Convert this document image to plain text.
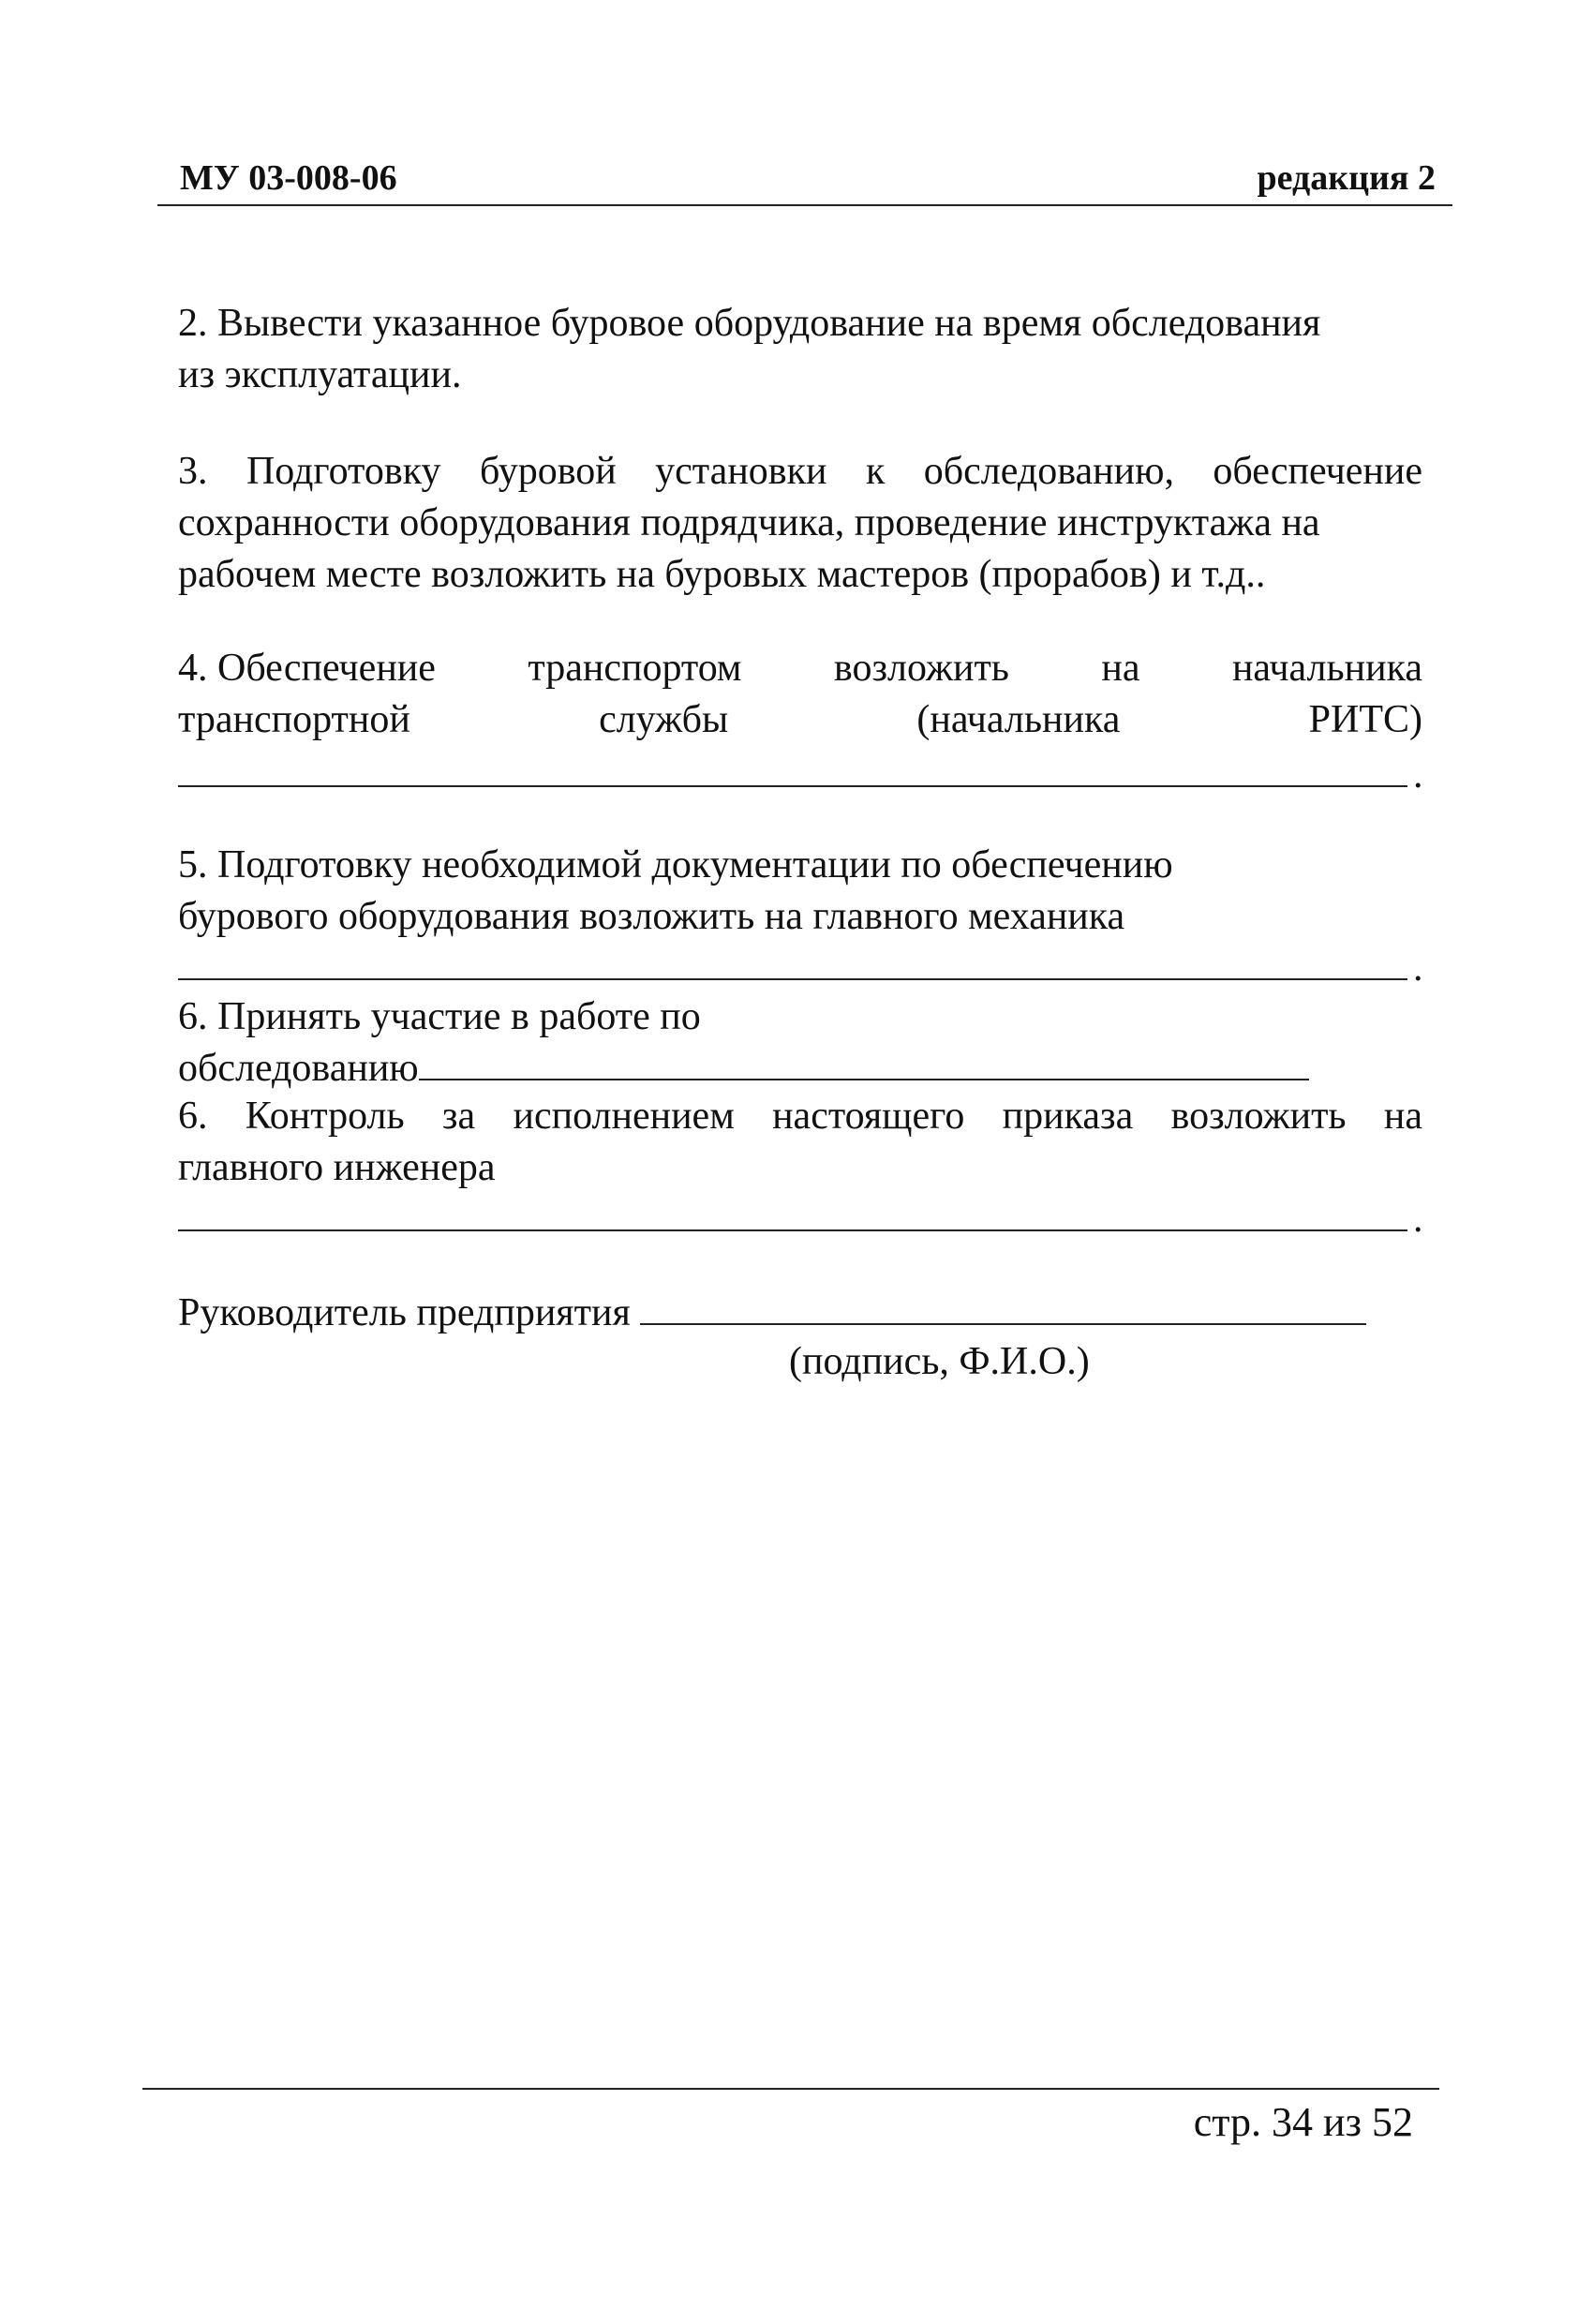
МУ 03-008-06	редакция 2
2. Вывести указанное буровое оборудование на время обследования
из эксплуатации.
3. Подготовку буровой установки к обследованию, обеспечение
сохранности оборудования подрядчика, проведение инструктажа на
рабочем месте возложить на буровых мастеров (прорабов) и т.д..
4. Обеспечение транспортом возложить на начальника
транспортной	службы	(начальника	РИТС)
.
5. Подготовку необходимой документации по обеспечению
бурового оборудования возложить на главного механика
.
6. Принять участие в работе по
обследованию
6. Контроль за исполнением настоящего приказа возложить на
главного инженера
.
Руководитель предприятия
(подпись, Ф.И.О.)
стр. 34 из 52
